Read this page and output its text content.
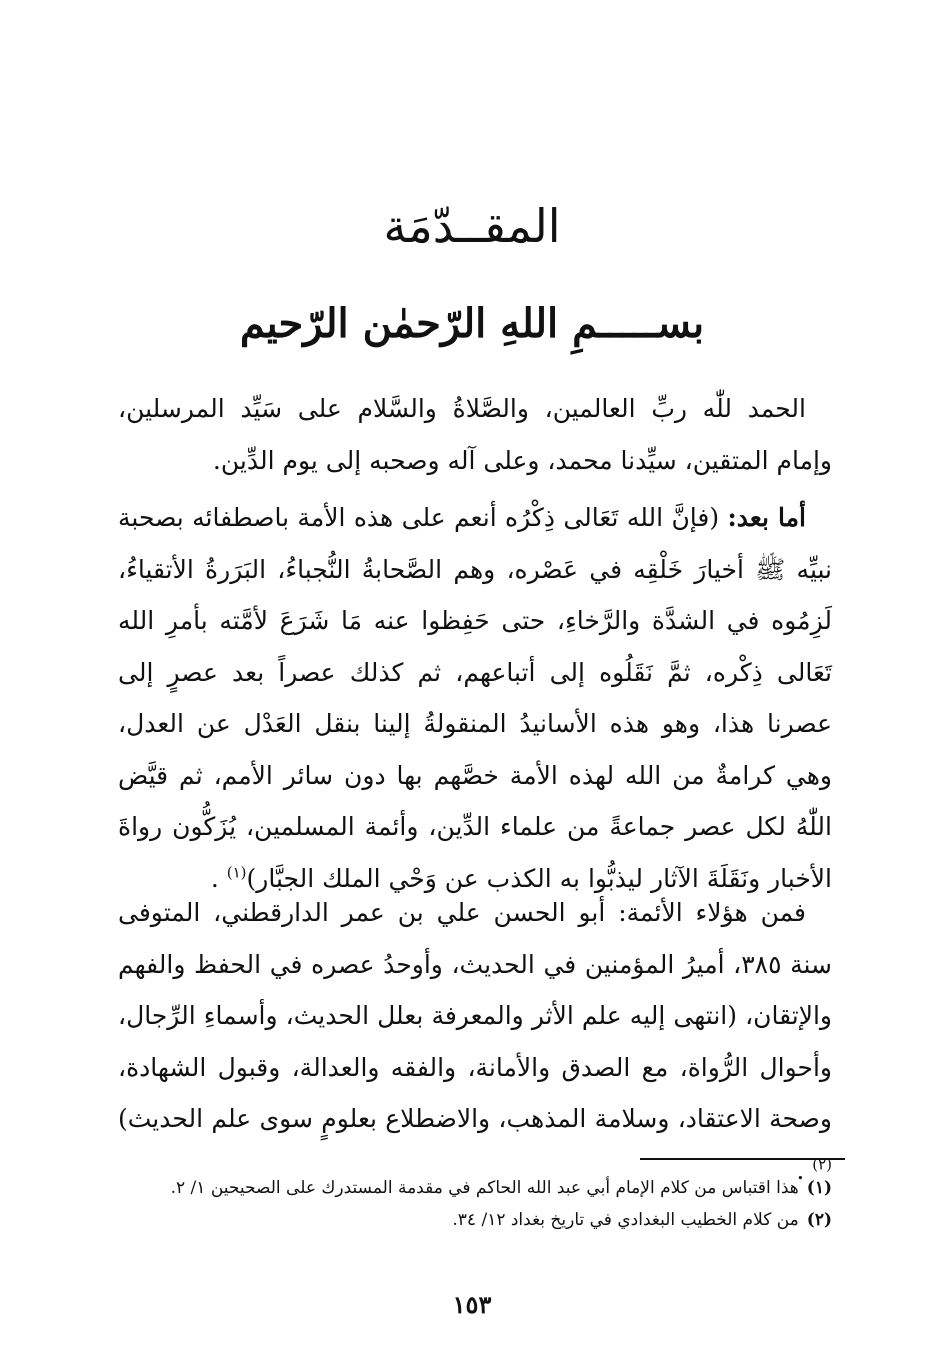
المقــدّمَة
بســـــمِ اللهِ الرّحمٰن الرّحيم

الحمد للّٰه ربِّ العالمين، والصَّلاةُ والسَّلام على سَيِّد المرسلين، وإمام المتقين، سيِّدنا محمد، وعلى آله وصحبه إلى يوم الدِّين.

أما بعد: (فإنَّ الله تَعَالى ذِكْرُه أنعم على هذه الأمة باصطفائه بصحبة نبيِّه ﷺ أخيارَ خَلْقِه في عَصْره، وهم الصَّحابةُ النُّجباءُ، البَرَرةُ الأتقياءُ، لَزِمُوه في الشدَّة والرَّخاءِ، حتى حَفِظوا عنه مَا شَرَعَ لأمَّته بأمرِ الله تَعَالى ذِكْره، ثمَّ نَقَلُوه إلى أتباعهم، ثم كذلك عصراً بعد عصرٍ إلى عصرنا هذا، وهو هذه الأسانيدُ المنقولةُ إلينا بنقل العَدْل عن العدل، وهي كرامةٌ من الله لهذه الأمة خصَّهم بها دون سائر الأمم، ثم قيَّض اللّٰهُ لكل عصر جماعةً من علماء الدِّين، وأئمة المسلمين، يُزَكُّون رواةَ الأخبار ونَقَلَةَ الآثار ليذبُّوا به الكذب عن وَحْي الملك الجبَّار)$^{(١)}$ .

فمن هؤلاء الأئمة: أبو الحسن علي بن عمر الدارقطني، المتوفى سنة ٣٨٥، أميرُ المؤمنين في الحديث، وأوحدُ عصره في الحفظ والفهم والإتقان، (انتهى إليه علم الأثر والمعرفة بعلل الحديث، وأسماءِ الرِّجال، وأحوال الرُّواة، مع الصدق والأمانة، والفقه والعدالة، وقبول الشهادة، وصحة الاعتقاد، وسلامة المذهب، والاضطلاع بعلومٍ سوى علم الحديث)$^{(٢)}$ .

(١)هذا اقتباس من كلام الإمام أبي عبد الله الحاكم في مقدمة المستدرك على الصحيحين ١/ ٢.
(٢)من كلام الخطيب البغدادي في تاريخ بغداد ١٢/ ٣٤.
١٥٣
